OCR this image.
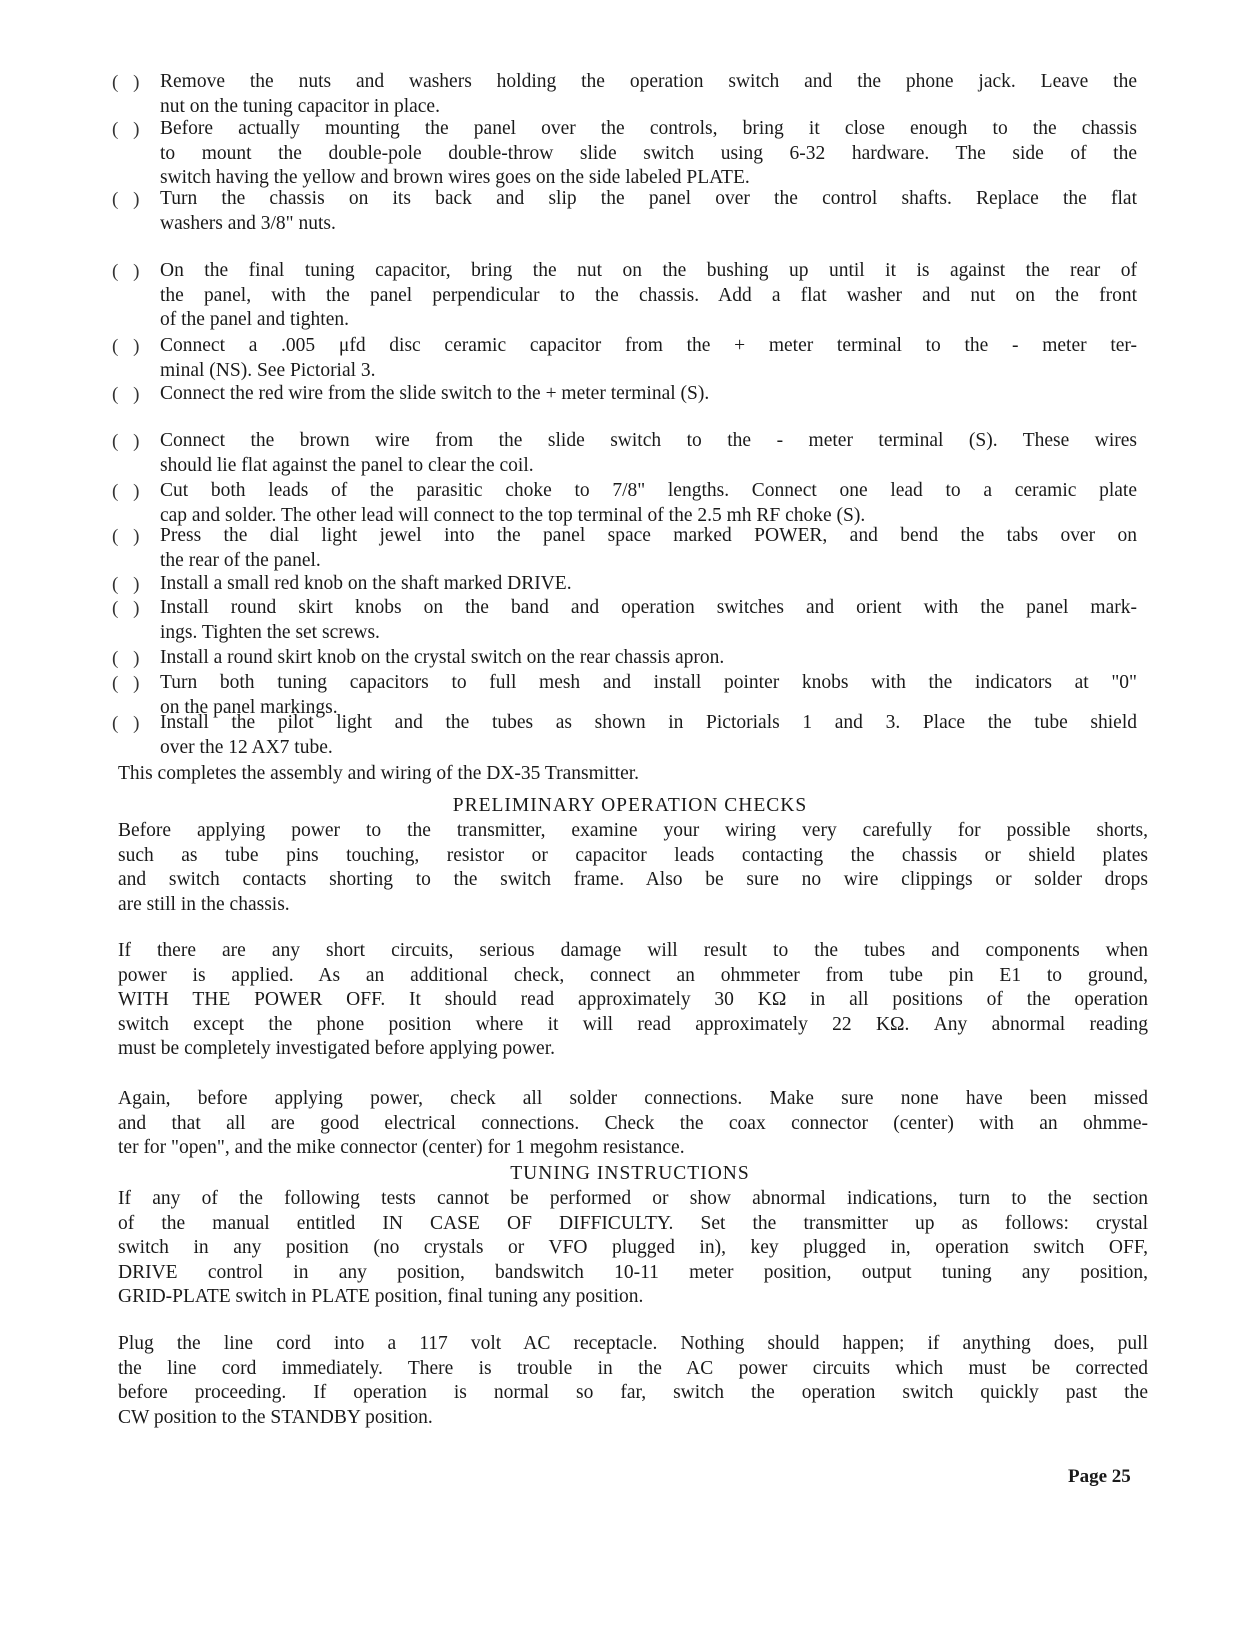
This completes the assembly and wiring of the DX-35 Transmitter.
PRELIMINARY OPERATION CHECKS
TUNING INSTRUCTIONS
Page 25
( ) Remove the nuts and washers holding the operation switch and the phone jack. Leave the
nut on the tuning capacitor in place.
( ) Before actually mounting the panel over the controls, bring it close enough to the chassis
to mount the double-pole double-throw slide switch using 6-32 hardware. The side of the
switch having the yellow and brown wires goes on the side labeled PLATE.
( ) Turn the chassis on its back and slip the panel over the control shafts. Replace the flat
washers and 3/8" nuts.
( ) On the final tuning capacitor, bring the nut on the bushing up until it is against the rear of
the panel, with the panel perpendicular to the chassis. Add a flat washer and nut on the front
of the panel and tighten.
( ) Connect a .005 μfd disc ceramic capacitor from the + meter terminal to the - meter ter-
minal (NS). See Pictorial 3.
( ) Connect the red wire from the slide switch to the + meter terminal (S).
( ) Connect the brown wire from the slide switch to the - meter terminal (S). These wires
should lie flat against the panel to clear the coil.
( ) Cut both leads of the parasitic choke to 7/8" lengths. Connect one lead to a ceramic plate
cap and solder. The other lead will connect to the top terminal of the 2.5 mh RF choke (S).
( ) Press the dial light jewel into the panel space marked POWER, and bend the tabs over on
the rear of the panel.
( ) Install a small red knob on the shaft marked DRIVE.
( ) Install round skirt knobs on the band and operation switches and orient with the panel mark-
ings. Tighten the set screws.
( ) Install a round skirt knob on the crystal switch on the rear chassis apron.
( ) Turn both tuning capacitors to full mesh and install pointer knobs with the indicators at "0"
on the panel markings.
( ) Install the pilot light and the tubes as shown in Pictorials 1 and 3. Place the tube shield
over the 12 AX7 tube.
Before applying power to the transmitter, examine your wiring very carefully for possible shorts,
such as tube pins touching, resistor or capacitor leads contacting the chassis or shield plates
and switch contacts shorting to the switch frame. Also be sure no wire clippings or solder drops
are still in the chassis.
If there are any short circuits, serious damage will result to the tubes and components when
power is applied. As an additional check, connect an ohmmeter from tube pin E1 to ground,
WITH THE POWER OFF. It should read approximately 30 KΩ in all positions of the operation
switch except the phone position where it will read approximately 22 KΩ. Any abnormal reading
must be completely investigated before applying power.
Again, before applying power, check all solder connections. Make sure none have been missed
and that all are good electrical connections. Check the coax connector (center) with an ohmme-
ter for "open", and the mike connector (center) for 1 megohm resistance.
If any of the following tests cannot be performed or show abnormal indications, turn to the section
of the manual entitled IN CASE OF DIFFICULTY. Set the transmitter up as follows: crystal
switch in any position (no crystals or VFO plugged in), key plugged in, operation switch OFF,
DRIVE control in any position, bandswitch 10-11 meter position, output tuning any position,
GRID-PLATE switch in PLATE position, final tuning any position.
Plug the line cord into a 117 volt AC receptacle. Nothing should happen; if anything does, pull
the line cord immediately. There is trouble in the AC power circuits which must be corrected
before proceeding. If operation is normal so far, switch the operation switch quickly past the
CW position to the STANDBY position.
